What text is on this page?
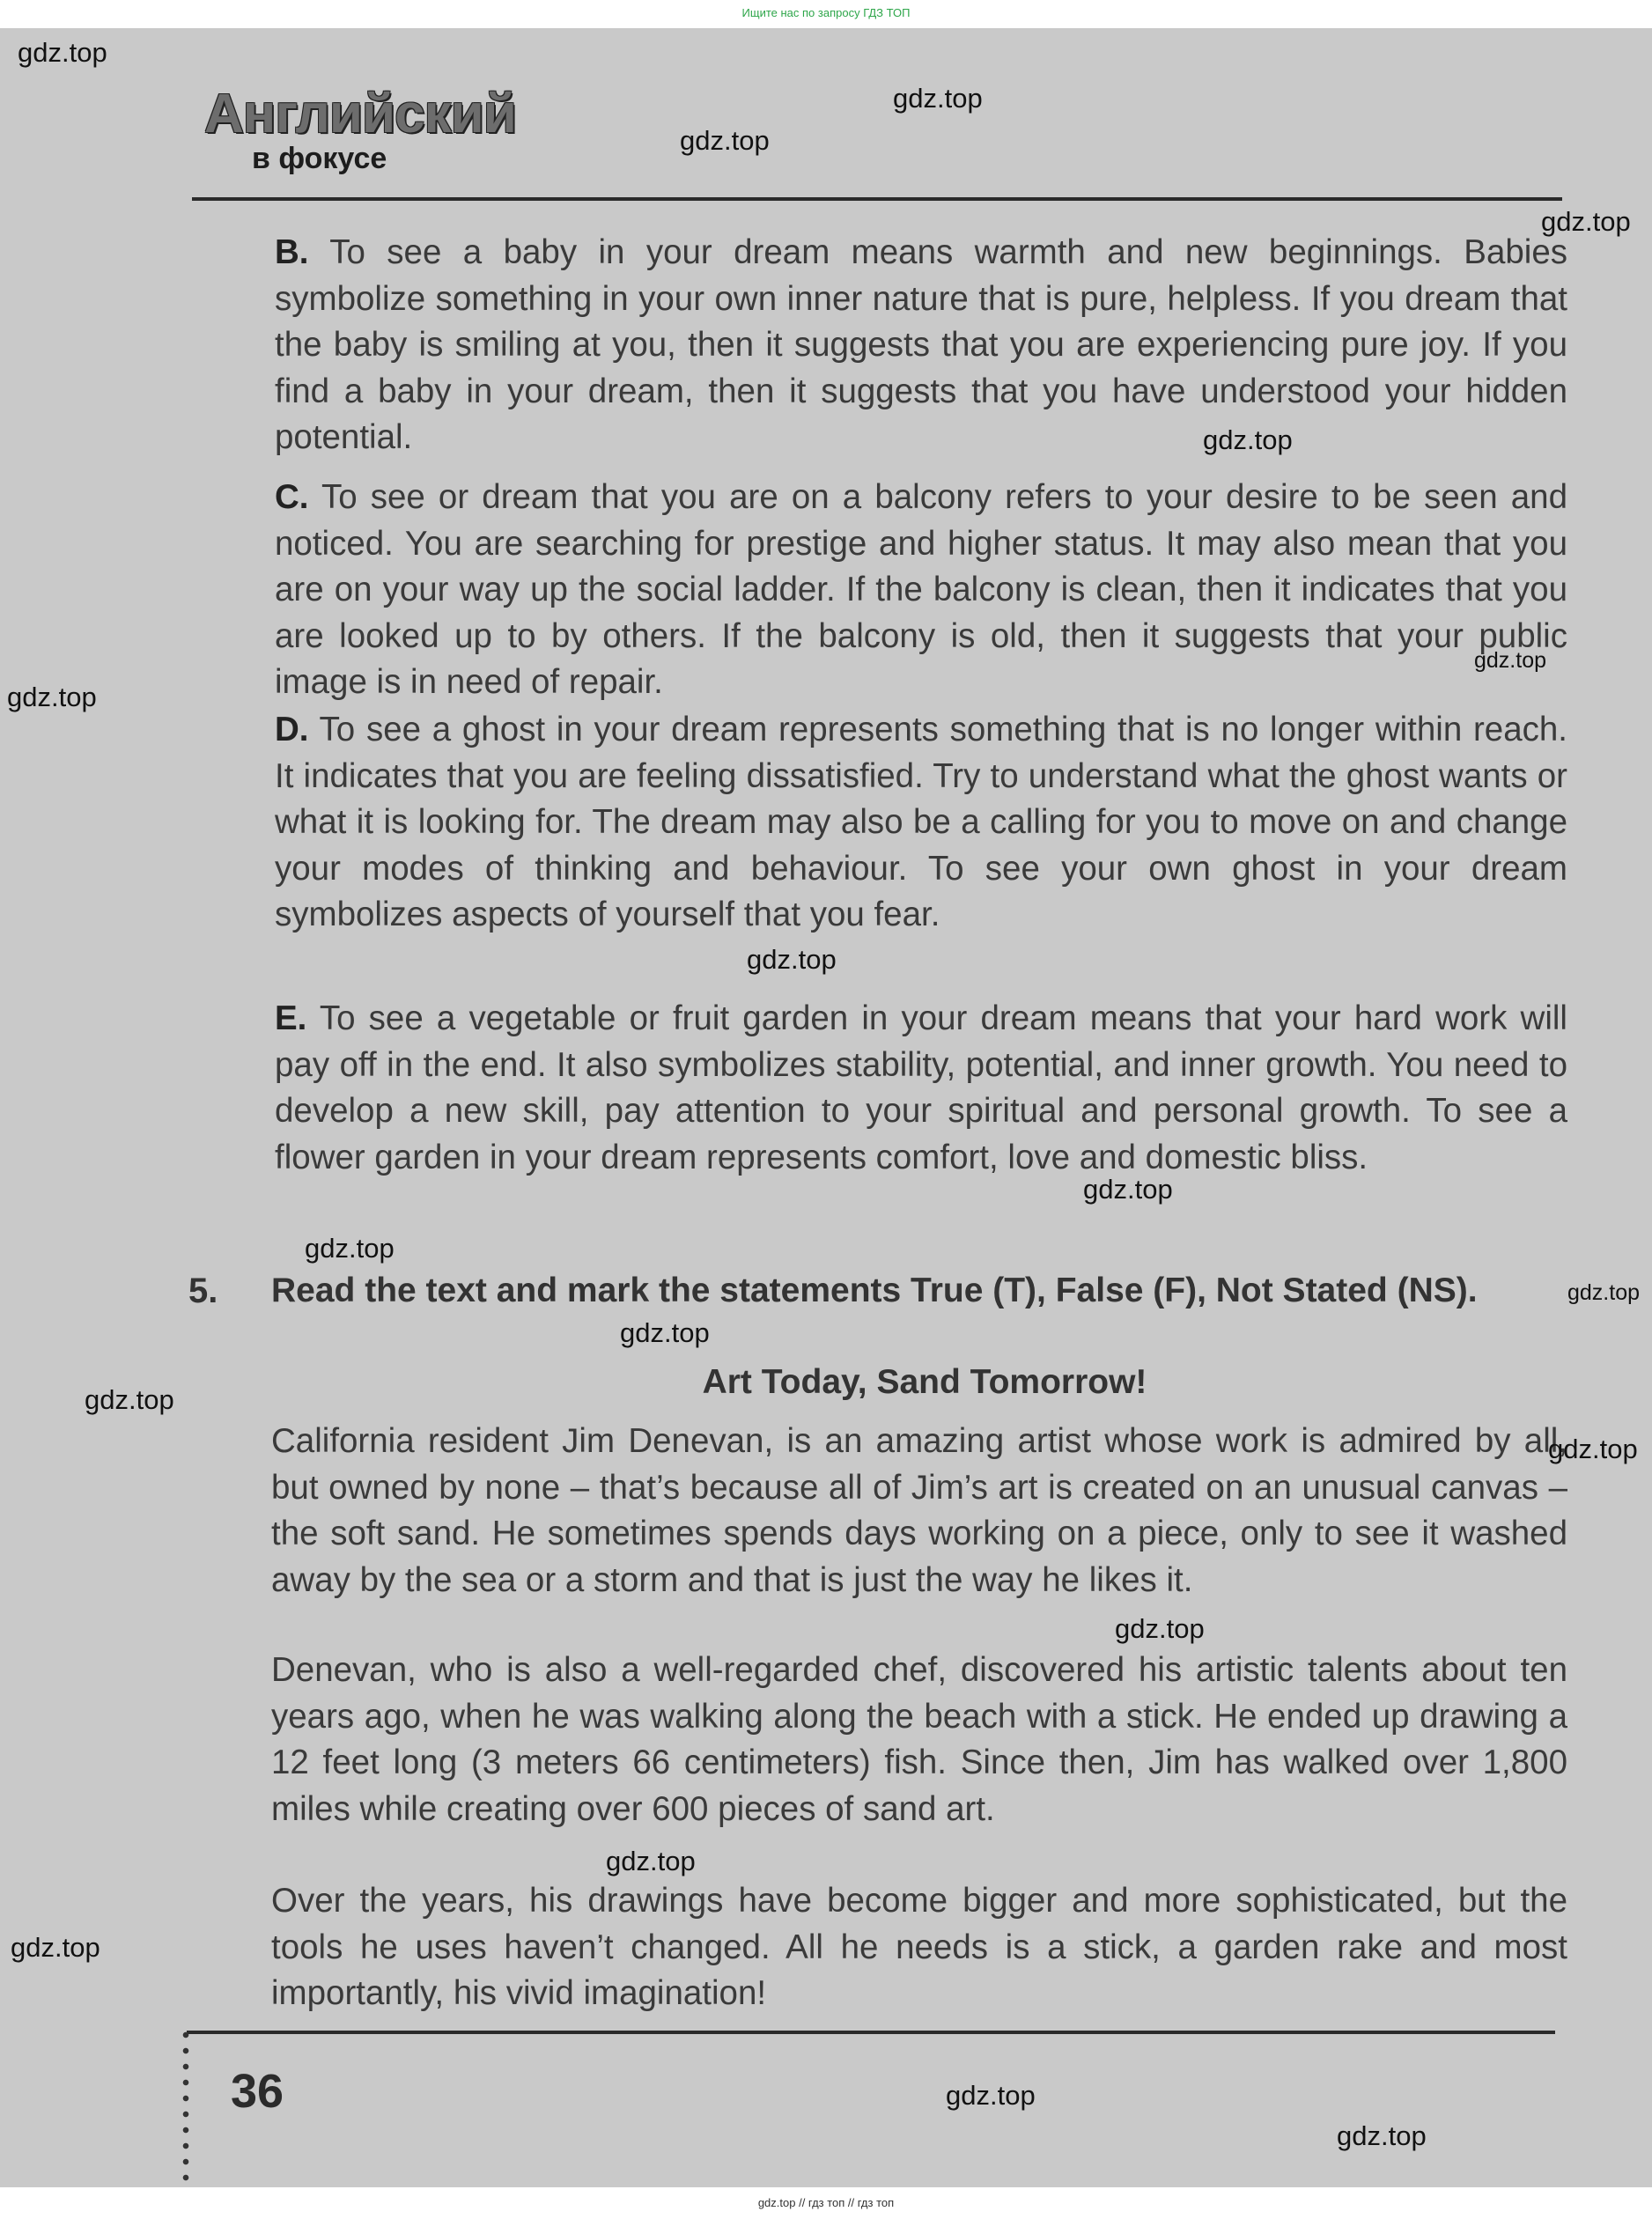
Ищите нас по запросу ГДЗ ТОП
Английский
в фокусе

B. To see a baby in your dream means warmth and new beginnings. Babies symbolize something in your own inner nature that is pure, helpless. If you dream that the baby is smiling at you, then it suggests that you are experiencing pure joy. If you find a baby in your dream, then it suggests that you have understood your hidden potential.

C. To see or dream that you are on a balcony refers to your desire to be seen and noticed. You are searching for prestige and higher status. It may also mean that you are on your way up the social ladder. If the balcony is clean, then it indicates that you are looked up to by others. If the balcony is old, then it suggests that your public image is in need of repair.

D. To see a ghost in your dream represents something that is no longer within reach. It indicates that you are feeling dissatisfied. Try to understand what the ghost wants or what it is looking for. The dream may also be a calling for you to move on and change your modes of thinking and behaviour. To see your own ghost in your dream symbolizes aspects of yourself that you fear.

E. To see a vegetable or fruit garden in your dream means that your hard work will pay off in the end. It also symbolizes stability, potential, and inner growth. You need to develop a new skill, pay attention to your spiritual and personal growth. To see a flower garden in your dream represents comfort, love and domestic bliss.

5. Read the text and mark the statements True (T), False (F), Not Stated (NS).

Art Today, Sand Tomorrow!

California resident Jim Denevan, is an amazing artist whose work is admired by all, but owned by none – that’s because all of Jim’s art is created on an unusual canvas – the soft sand. He sometimes spends days working on a piece, only to see it washed away by the sea or a storm and that is just the way he likes it.

Denevan, who is also a well-regarded chef, discovered his artistic talents about ten years ago, when he was walking along the beach with a stick. He ended up drawing a 12 feet long (3 meters 66 centimeters) fish. Since then, Jim has walked over 1,800 miles while creating over 600 pieces of sand art.

Over the years, his drawings have become bigger and more sophisticated, but the tools he uses haven’t changed. All he needs is a stick, a garden rake and most importantly, his vivid imagination!

36
gdz.top
gdz.top
gdz.top
gdz.top
gdz.top
gdz.top
gdz.top
gdz.top
gdz.top
gdz.top
gdz.top
gdz.top
gdz.top
gdz.top
gdz.top
gdz.top
gdz.top
gdz.top
gdz.top
gdz.top // гдз топ // гдз топ
